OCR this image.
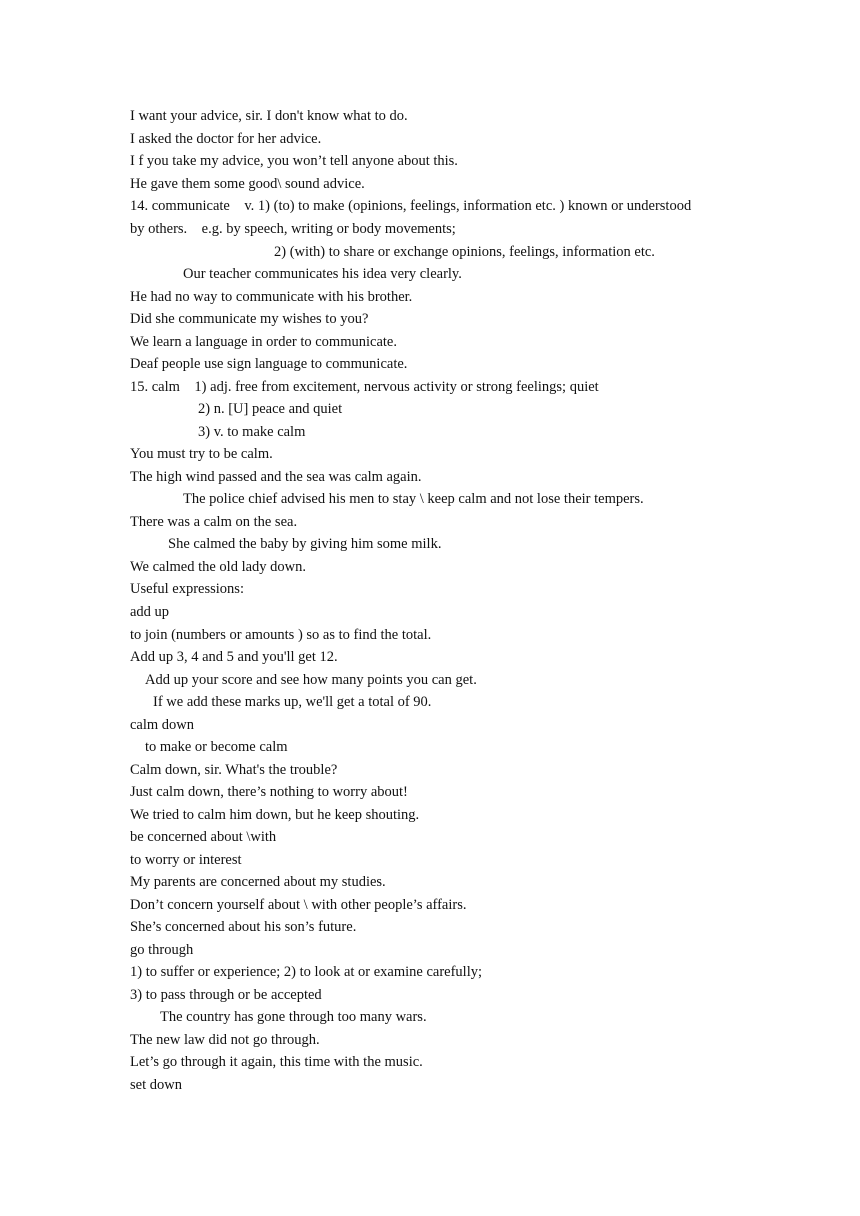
I want your advice, sir. I don't know what to do.

I asked the doctor for her advice.

I f you take my advice, you won’t tell anyone about this.

He gave them some good\ sound advice.

14. communicate    v. 1) (to) to make (opinions, feelings, information etc. ) known or understood

by others.    e.g. by speech, writing or body movements;

2) (with) to share or exchange opinions, feelings, information etc.

Our teacher communicates his idea very clearly.

He had no way to communicate with his brother.

Did she communicate my wishes to you?

We learn a language in order to communicate.

Deaf people use sign language to communicate.

15. calm    1) adj. free from excitement, nervous activity or strong feelings; quiet

2) n. [U] peace and quiet

3) v. to make calm

You must try to be calm.

The high wind passed and the sea was calm again.

The police chief advised his men to stay \ keep calm and not lose their tempers.

There was a calm on the sea.

She calmed the baby by giving him some milk.

We calmed the old lady down.

Useful expressions:

add up

to join (numbers or amounts ) so as to find the total.

Add up 3, 4 and 5 and you'll get 12.

Add up your score and see how many points you can get.

If we add these marks up, we'll get a total of 90.

calm down

to make or become calm

Calm down, sir. What's the trouble?

Just calm down, there’s nothing to worry about!

We tried to calm him down, but he keep shouting.

be concerned about \with

to worry or interest

My parents are concerned about my studies.

Don’t concern yourself about \ with other people’s affairs.

She’s concerned about his son’s future.

go through

1) to suffer or experience; 2) to look at or examine carefully;

3) to pass through or be accepted

The country has gone through too many wars.

The new law did not go through.

Let’s go through it again, this time with the music.

set down
